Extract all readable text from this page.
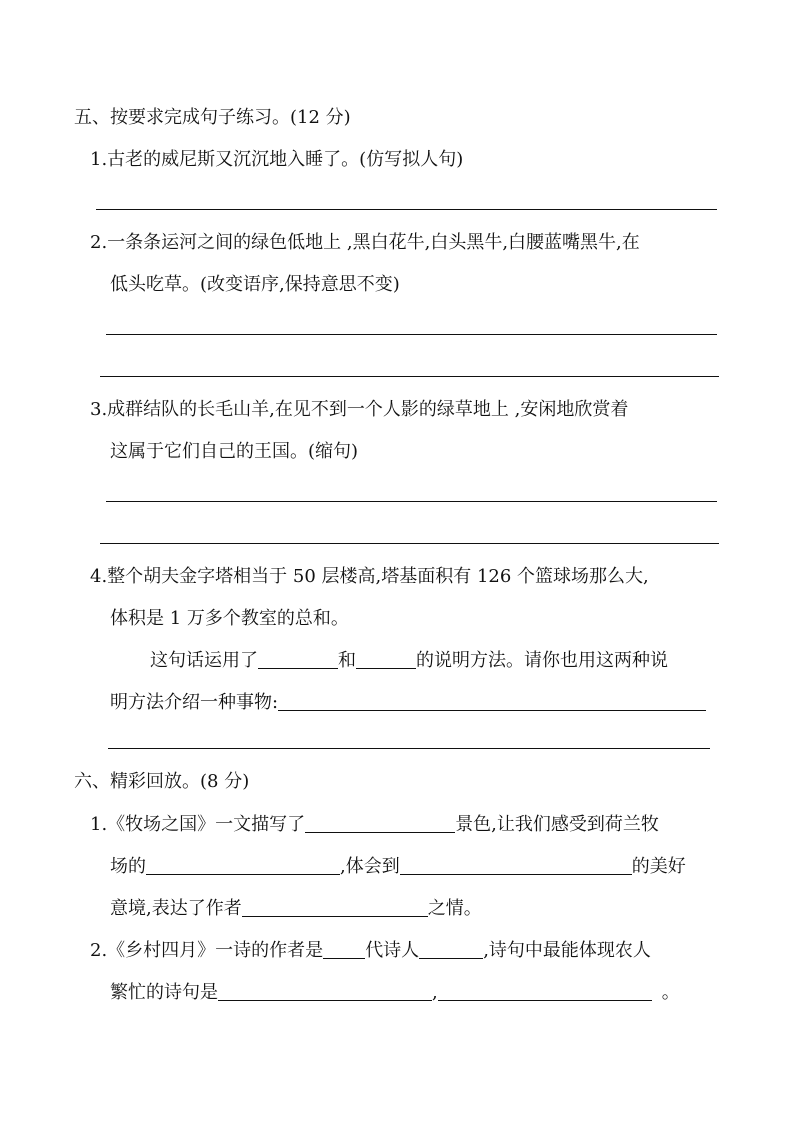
五、按要求完成句子练习。(12 分)
1.古老的威尼斯又沉沉地入睡了。(仿写拟人句)
2.一条条运河之间的绿色低地上 ,黑白花牛,白头黑牛,白腰蓝嘴黑牛,在
低头吃草。(改变语序,保持意思不变)
3.成群结队的长毛山羊,在见不到一个人影的绿草地上 ,安闲地欣赏着
这属于它们自己的王国。(缩句)
4.整个胡夫金字塔相当于 50 层楼高,塔基面积有 126 个篮球场那么大,
体积是 1 万多个教室的总和。
这句话运用了	和	的说明方法。请你也用这两种说
明方法介绍一种事物:
六、精彩回放。(8 分)
1.《牧场之国》一文描写了	景色,让我们感受到荷兰牧
场的	,体会到	的美好
意境,表达了作者	之情。
2.《乡村四月》一诗的作者是 代诗人	,诗句中最能体现农人
繁忙的诗句是	,	。
